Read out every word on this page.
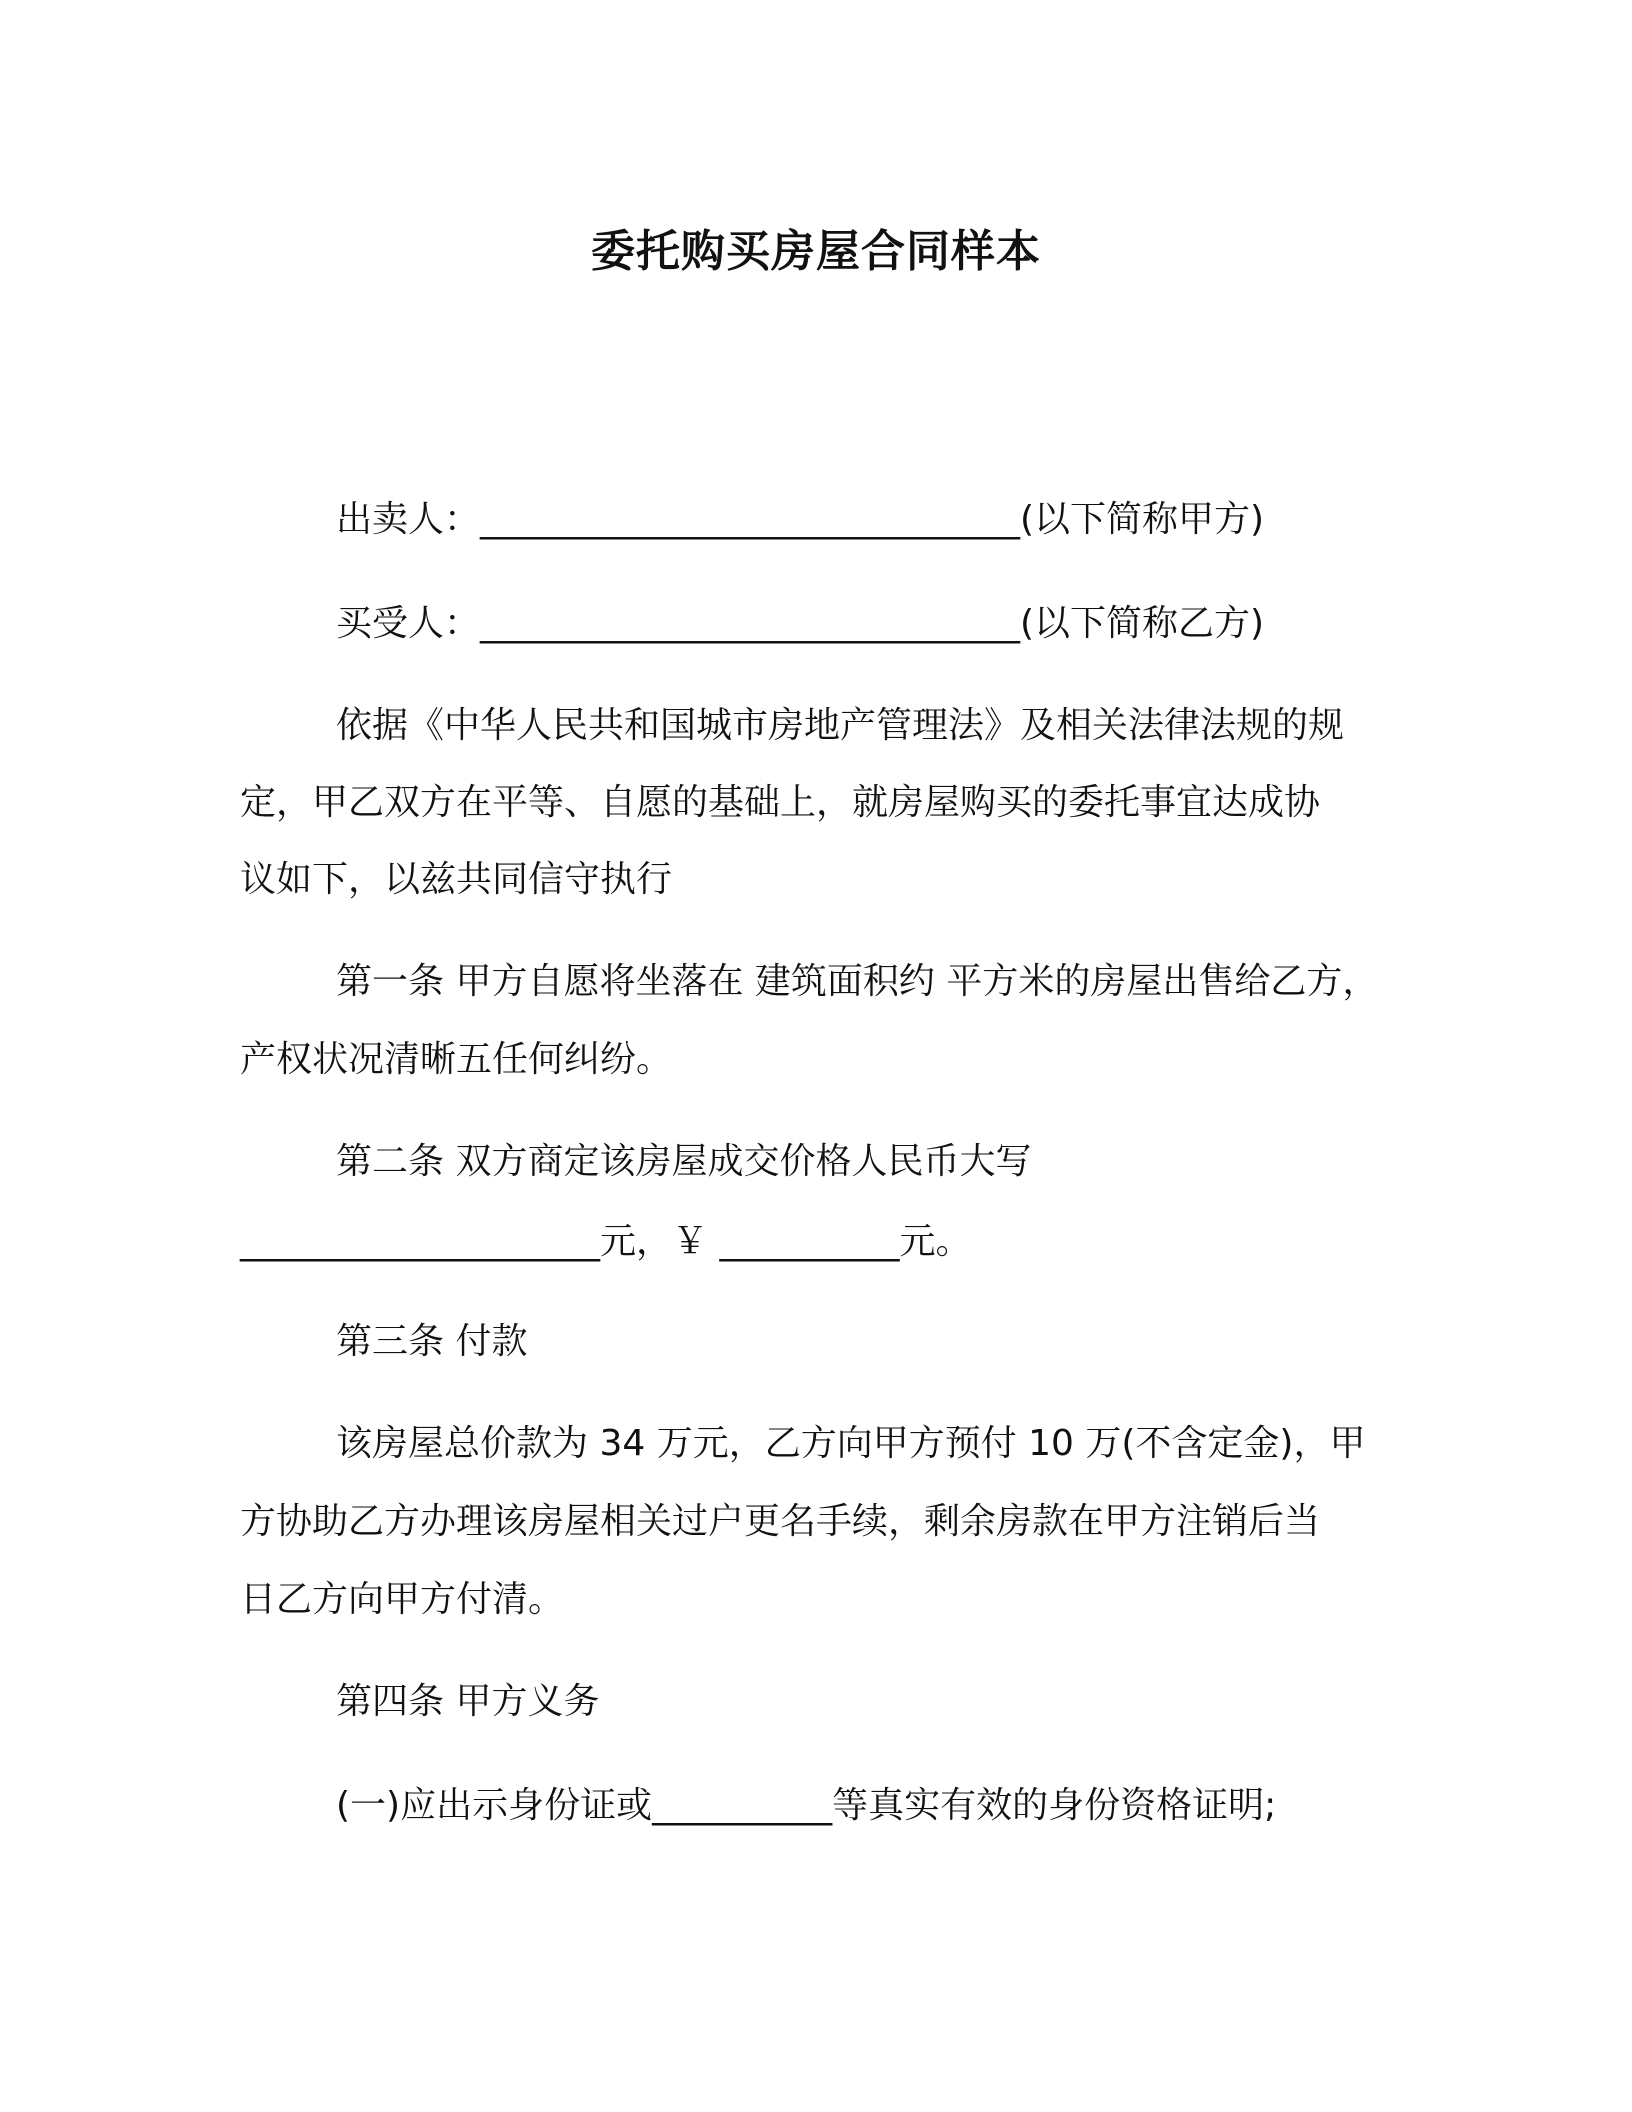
委托购买房屋合同样本
出卖人：______________________________(以下简称甲方)
买受人：______________________________(以下简称乙方)
依据《中华人民共和国城市房地产管理法》及相关法律法规的规
定，甲乙双方在平等、自愿的基础上，就房屋购买的委托事宜达成协
议如下，以兹共同信守执行
第一条 甲方自愿将坐落在 建筑面积约 平方米的房屋出售给乙方，
产权状况清晰五任何纠纷。
第二条 双方商定该房屋成交价格人民币大写
____________________元，￥ __________元。
第三条 付款
该房屋总价款为 34 万元，乙方向甲方预付 10 万(不含定金)，甲
方协助乙方办理该房屋相关过户更名手续，剩余房款在甲方注销后当
日乙方向甲方付清。
第四条 甲方义务
(一)应出示身份证或__________等真实有效的身份资格证明;
